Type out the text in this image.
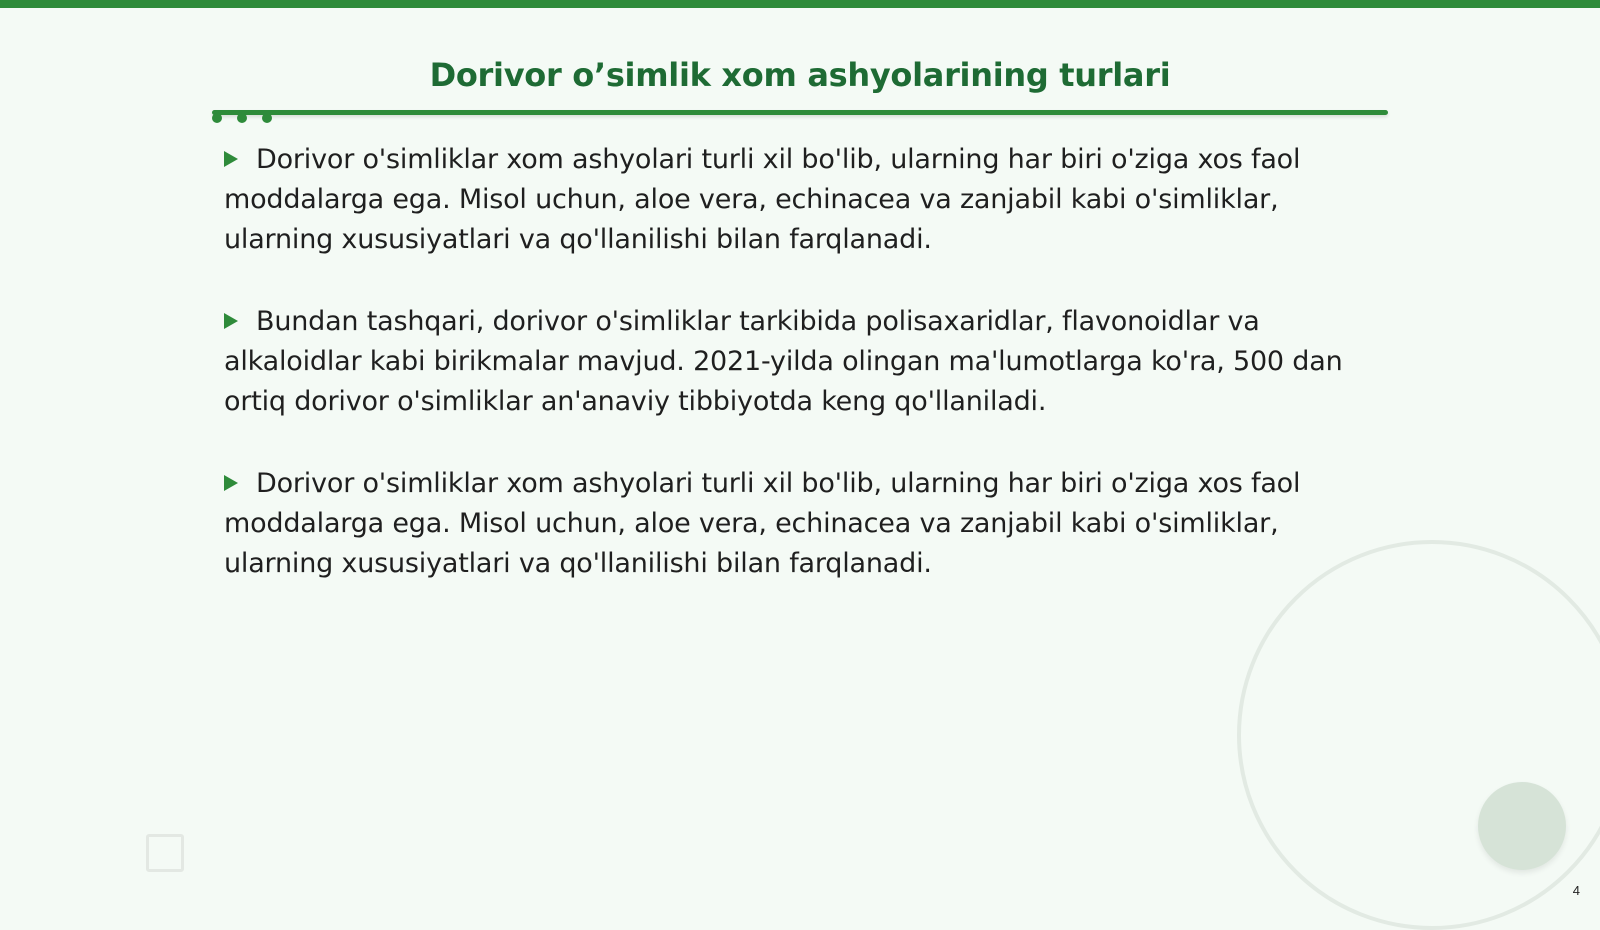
Dorivor o’simlik xom ashyolarining turlari

Dorivor o'simliklar xom ashyolari turli xil bo'lib, ularning har biri o'ziga xos faol moddalarga ega. Misol uchun, aloe vera, echinacea va zanjabil kabi o'simliklar, ularning xususiyatlari va qo'llanilishi bilan farqlanadi.

Bundan tashqari, dorivor o'simliklar tarkibida polisaxaridlar, flavonoidlar va alkaloidlar kabi birikmalar mavjud. 2021-yilda olingan ma'lumotlarga ko'ra, 500 dan ortiq dorivor o'simliklar an'anaviy tibbiyotda keng qo'llaniladi.

Dorivor o'simliklar xom ashyolari turli xil bo'lib, ularning har biri o'ziga xos faol moddalarga ega. Misol uchun, aloe vera, echinacea va zanjabil kabi o'simliklar, ularning xususiyatlari va qo'llanilishi bilan farqlanadi.

4
